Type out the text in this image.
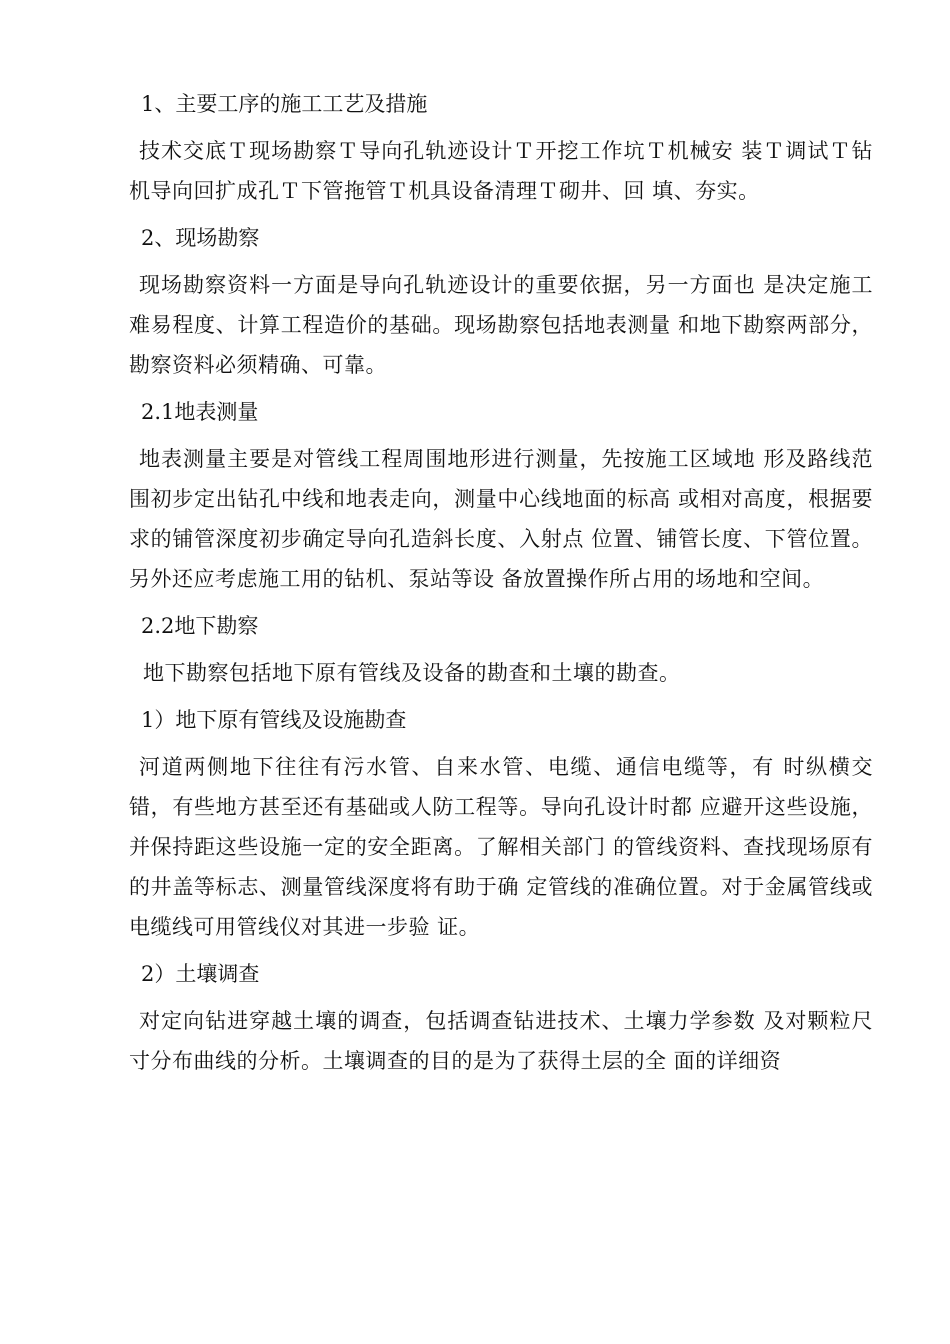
1、主要工序的施工工艺及措施

技术交底Ｔ现场勘察Ｔ导向孔轨迹设计Ｔ开挖工作坑Ｔ机械安 装Ｔ调试Ｔ钻机导向回扩成孔Ｔ下管拖管Ｔ机具设备清理Ｔ砌井、回 填、夯实。

2、现场勘察

现场勘察资料一方面是导向孔轨迹设计的重要依据，另一方面也 是决定施工难易程度、计算工程造价的基础。现场勘察包括地表测量 和地下勘察两部分，勘察资料必须精确、可靠。

2.1地表测量

地表测量主要是对管线工程周围地形进行测量，先按施工区域地 形及路线范围初步定出钻孔中线和地表走向，测量中心线地面的标高 或相对高度，根据要求的铺管深度初步确定导向孔造斜长度、入射点 位置、铺管长度、下管位置。另外还应考虑施工用的钻机、泵站等设 备放置操作所占用的场地和空间。

2.2地下勘察

地下勘察包括地下原有管线及设备的勘查和土壤的勘查。

1）地下原有管线及设施勘查

河道两侧地下往往有污水管、自来水管、电缆、通信电缆等，有 时纵横交错，有些地方甚至还有基础或人防工程等。导向孔设计时都 应避开这些设施，并保持距这些设施一定的安全距离。了解相关部门 的管线资料、查找现场原有的井盖等标志、测量管线深度将有助于确 定管线的准确位置。对于金属管线或电缆线可用管线仪对其进一步验 证。

2）土壤调查

对定向钻进穿越土壤的调查，包括调查钻进技术、土壤力学参数 及对颗粒尺寸分布曲线的分析。土壤调查的目的是为了获得土层的全 面的详细资
